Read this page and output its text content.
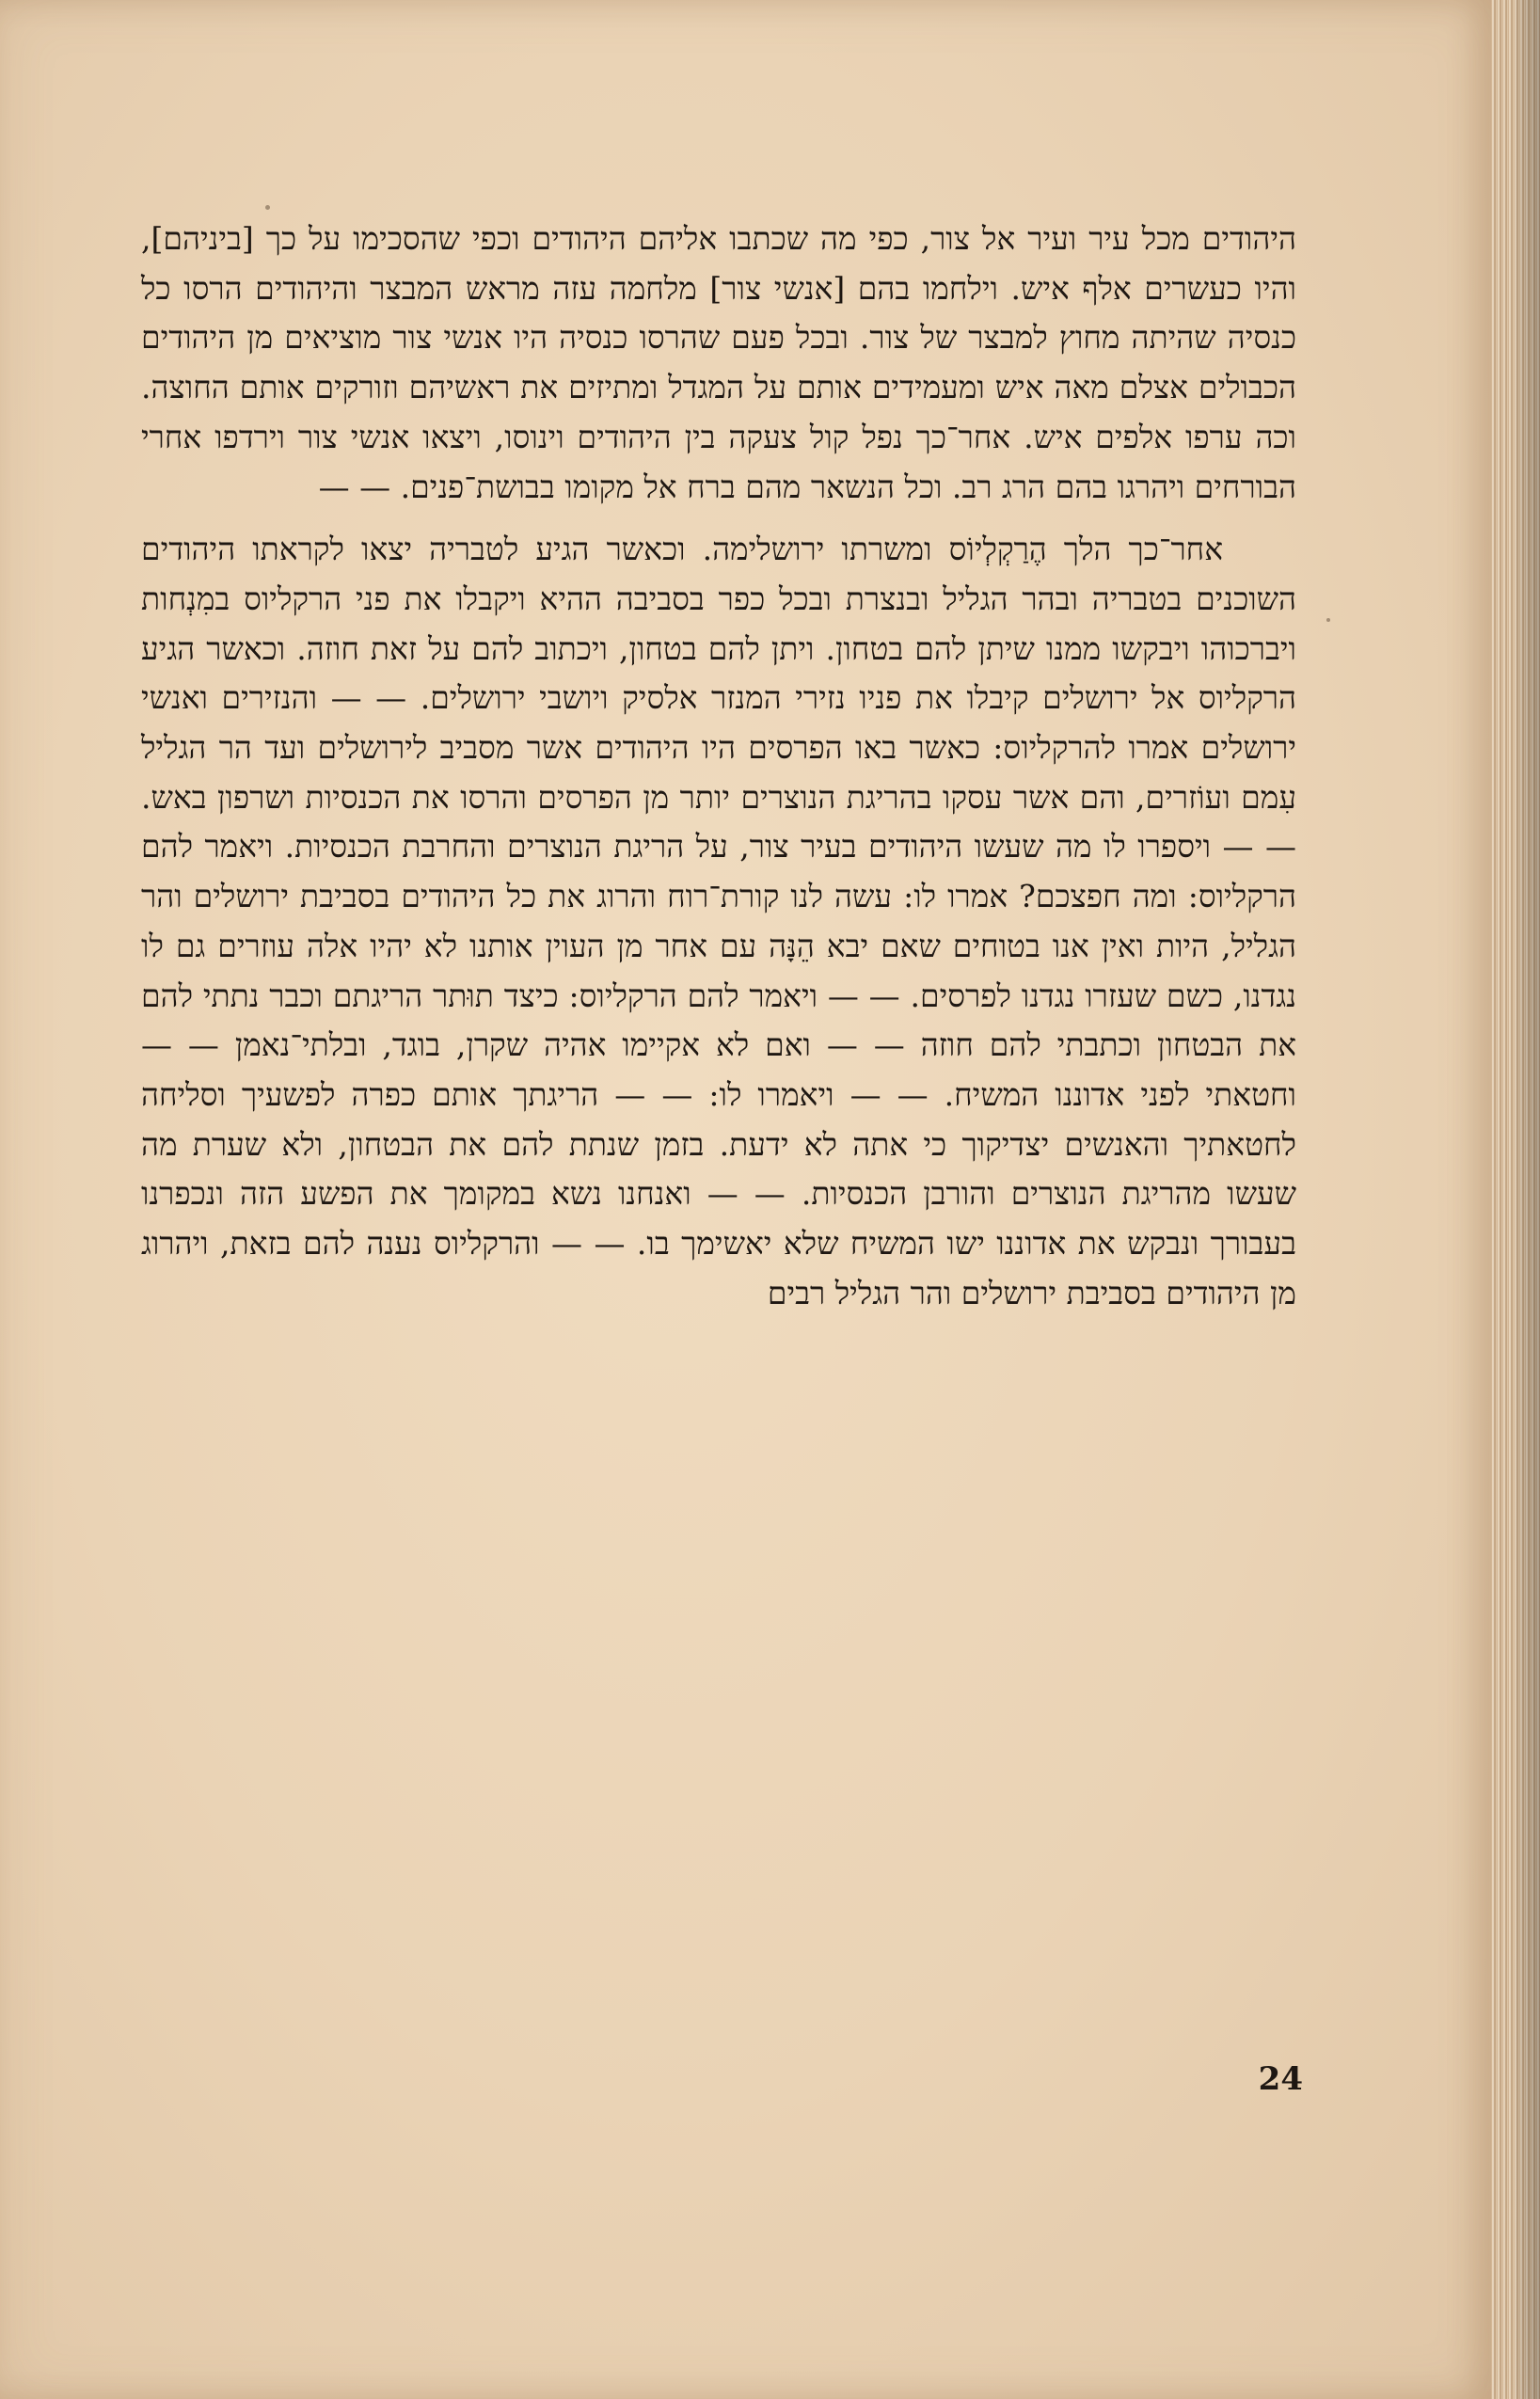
היהודים מכל עיר ועיר אל צור, כפי מה שכתבו אליהם היהודים וכפי שהסכימו על כך [ביניהם], והיו כעשרים אלף איש. וילחמו בהם [אנשי צור] מלחמה עזה מראש המבצר והיהודים הרסו כל כנסיה שהיתה מחוץ למבצר של צור. ובכל פעם שהרסו כנסיה היו אנשי צור מוציאים מן היהודים הכבולים אצלם מאה איש ומעמידים אותם על המגדל ומתיזים את ראשיהם וזורקים אותם החוצה. וכה ערפו אלפים איש. אחר־כך נפל קול צעקה בין היהודים וינוסו, ויצאו אנשי צור וירדפו אחרי הבורחים ויהרגו בהם הרג רב. וכל הנשאר מהם ברח אל מקומו בבושת־פנים. — —

אחר־כך הלך הֶרַקְלְיוֹס ומשרתו ירושלימה. וכאשר הגיע לטבריה יצאו לקראתו היהודים השוכנים בטבריה ובהר הגליל ובנצרת ובכל כפר בסביבה ההיא ויקבלו את פני הרקליוס במִנְחות ויברכוהו ויבקשו ממנו שיתן להם בטחון. ויתן להם בטחון, ויכתוב להם על זאת חוזה. וכאשר הגיע הרקליוס אל ירושלים קיבלו את פניו נזירי המנזר אלסיק ויושבי ירושלים. — — והנזירים ואנשי ירושלים אמרו להרקליוס: כאשר באו הפרסים היו היהודים אשר מסביב לירושלים ועד הר הגליל עִמם ועוֹזרים, והם אשר עסקו בהריגת הנוצרים יותר מן הפרסים והרסו את הכנסיות ושרפון באש. — — ויספרו לו מה שעשו היהודים בעיר צור, על הריגת הנוצרים והחרבת הכנסיות. ויאמר להם הרקליוס: ומה חפצכם? אמרו לו: עשה לנו קורת־רוח והרוג את כל היהודים בסביבת ירושלים והר הגליל, היות ואין אנו בטוחים שאם יבא הֵנָּה עם אחר מן העוין אותנו לא יהיו אלה עוזרים גם לו נגדנו, כשם שעזרו נגדנו לפרסים. — — ויאמר להם הרקליוס: כיצד תוּתר הריגתם וכבר נתתי להם את הבטחון וכתבתי להם חוזה — — ואם לא אקיימו אהיה שקרן, בוגד, ובלתי־נאמן — — וחטאתי לפני אדוננו המשיח. — — ויאמרו לו: — — הריגתך אותם כפרה לפשעיך וסליחה לחטאתיך והאנשים יצדיקוך כי אתה לא ידעת. בזמן שנתת להם את הבטחון, ולא שערת מה שעשו מהריגת הנוצרים והורבן הכנסיות. — — ואנחנו נשא במקומך את הפשע הזה ונכפרנו בעבורך ונבקש את אדוננו ישו המשיח שלא יאשימך בו. — — והרקליוס נענה להם בזאת, ויהרוג מן היהודים בסביבת ירושלים והר הגליל רבים

24
